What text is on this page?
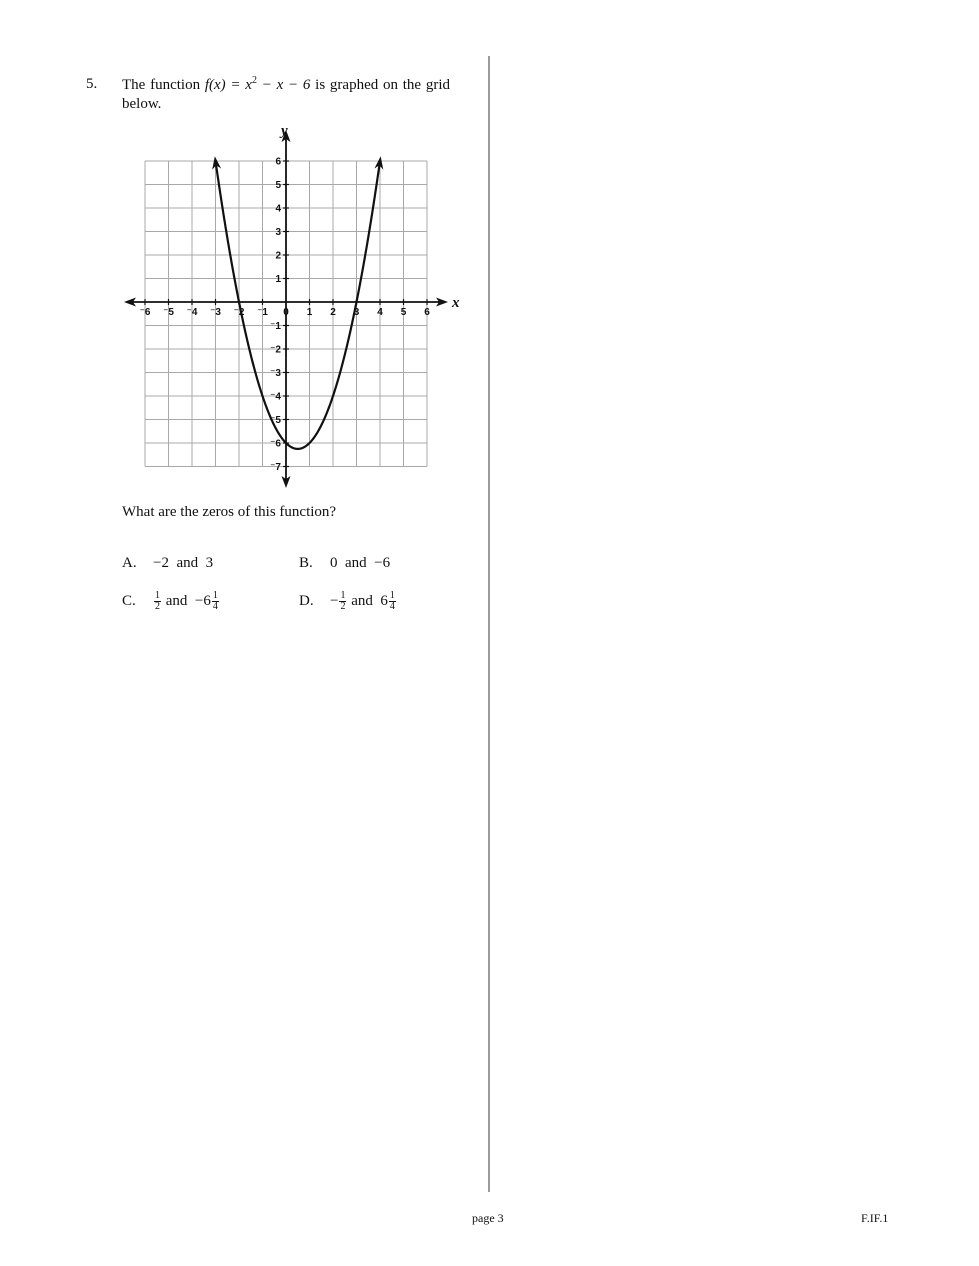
5. The function $f(x) = x^2 - x - 6$ is graphed on the grid below.
⁻6 ⁻5 ⁻4 ⁻3 ⁻2 ⁻1 0 1 2 3 4 5 6
6
5
4
3
2
1
⁻1
⁻2
⁻3
⁻4
⁻5
⁻6
⁻7
x
y
What are the zeros of this function?
A. −2  and  3	B. 0  and  −6
C. $\frac{1}{2}$ and  $-6 \frac{1}{4}$	D. − $\frac{1}{2}$ and  $6 \frac{1}{4}$
page 3	F.IF.1
